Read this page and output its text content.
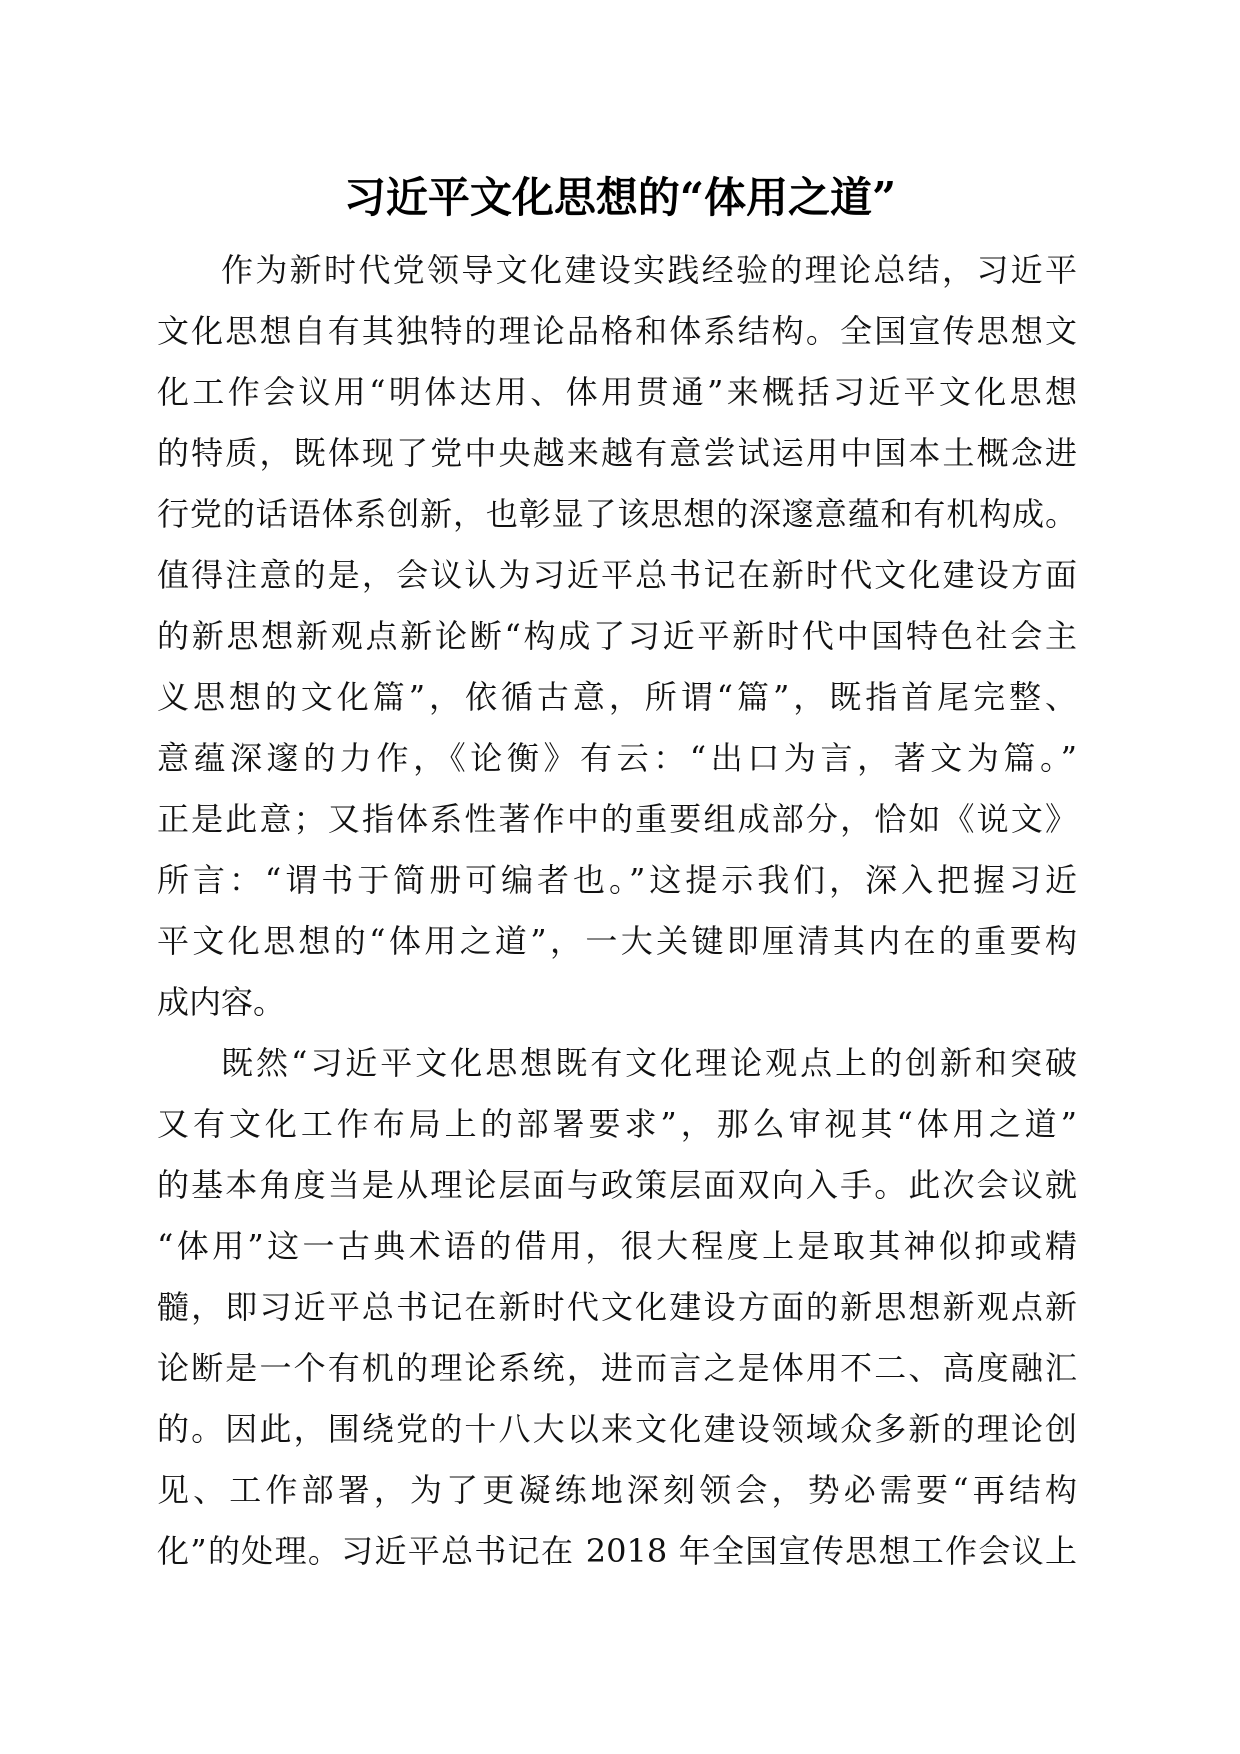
习近平文化思想的“体用之道”
作为新时代党领导文化建设实践经验的理论总结，习近平
文化思想自有其独特的理论品格和体系结构。全国宣传思想文
化工作会议用“明体达用、体用贯通”来概括习近平文化思想
的特质，既体现了党中央越来越有意尝试运用中国本土概念进
行党的话语体系创新，也彰显了该思想的深邃意蕴和有机构成。
值得注意的是，会议认为习近平总书记在新时代文化建设方面
的新思想新观点新论断“构成了习近平新时代中国特色社会主
义思想的文化篇”，依循古意，所谓“篇”，既指首尾完整、
意蕴深邃的力作，《论衡》有云：“出口为言，著文为篇。”
正是此意；又指体系性著作中的重要组成部分，恰如《说文》
所言：“谓书于简册可编者也。”这提示我们，深入把握习近
平文化思想的“体用之道”，一大关键即厘清其内在的重要构
成内容。
既然“习近平文化思想既有文化理论观点上的创新和突破
又有文化工作布局上的部署要求”，那么审视其“体用之道”
的基本角度当是从理论层面与政策层面双向入手。此次会议就
“体用”这一古典术语的借用，很大程度上是取其神似抑或精
髓，即习近平总书记在新时代文化建设方面的新思想新观点新
论断是一个有机的理论系统，进而言之是体用不二、高度融汇
的。因此，围绕党的十八大以来文化建设领域众多新的理论创
见、工作部署，为了更凝练地深刻领会，势必需要“再结构
化”的处理。习近平总书记在 2018 年全国宣传思想工作会议上
